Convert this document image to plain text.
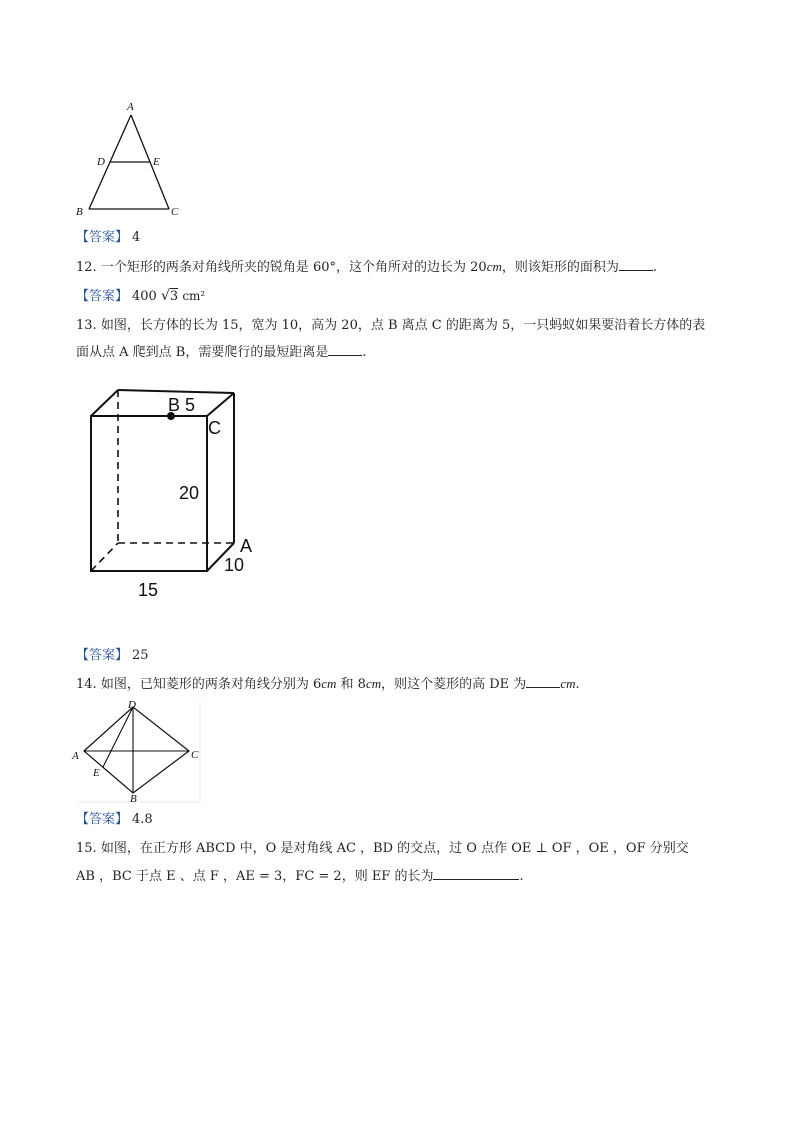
A
D	E
B	C
【答案】 4
12. 一个矩形的两条对角线所夹的锐角是 60°，这个角所对的边长为 20cm，则该矩形的面积为	.
【答案】 400 √3 cm²
13. 如图，长方体的长为 15，宽为 10，高为 20，点 B 离点 C 的距离为 5，一只蚂蚁如果要沿着长方体的表
面从点 A 爬到点 B，需要爬行的最短距离是	.
B 5
C
20
A
10
15
【答案】 25
14. 如图，已知菱形的两条对角线分别为 6cm 和 8cm，则这个菱形的高 DE 为	cm.
D
A	C
E
B
【答案】 4.8
15. 如图，在正方形 ABCD 中，O 是对角线 AC ，BD 的交点，过 O 点作 OE ⊥ OF ，OE ，OF 分别交
AB ，BC 于点 E 、点 F ，AE = 3，FC = 2，则 EF 的长为	.
